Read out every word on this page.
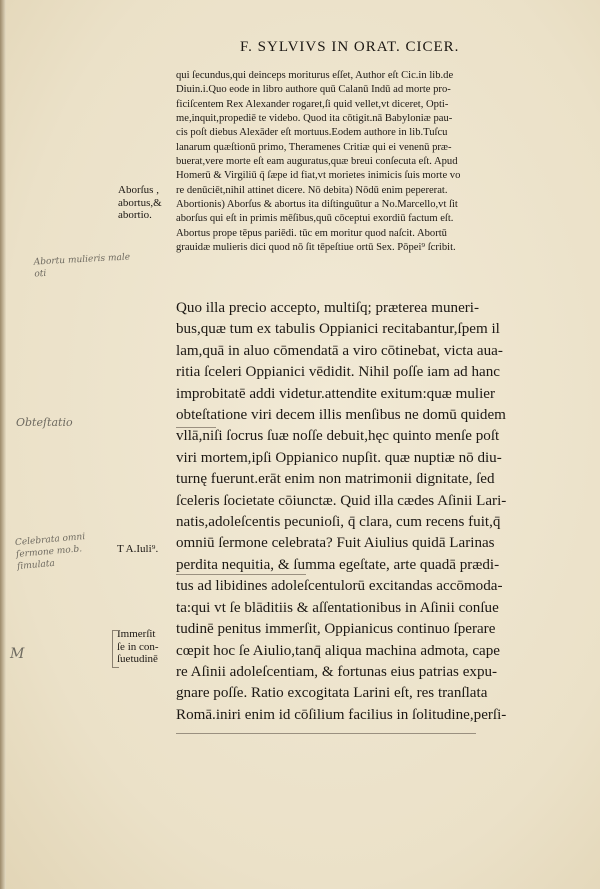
F. SYLVIVS IN ORAT. CICER.
qui ſecundus,qui deinceps moriturus eſſet, Author eſt Cic.in lib.de
Diuin.i.Quo eode in libro authore quū Calanū Indū ad morte pro-
ficiſcentem Rex Alexander rogaret,ſi quid vellet,vt diceret, Opti-
me,inquit,propediē te videbo. Quod ita cōtigit.nā Babyloniæ pau-
cis poſt diebus Alexāder eſt mortuus.Eodem authore in lib.Tuſcu
lanarum quæſtionū primo, Theramenes Critiæ qui ei venenū præ-
buerat,vere morte eſt eam auguratus,quæ breui conſecuta eſt. Apud
Homerū & Virgiliū q̄ ſæpe id fiat,vt morietes inimicis ſuis morte vo
re denūciēt,nihil attinet dicere. Nō debita) Nōdū enim pepererat.
Abortionis) Aborſus & abortus ita diſtinguūtur a No.Marcello,vt ſit
aborſus qui eſt in primis mēſibus,quū cōceptui exordiū factum eſt.
Abortus prope tēpus pariēdi. tūc em moritur quod naſcit. Abortū
grauidæ mulieris dici quod nō ſit tēpeſtiue ortū Sex. Pōpei⁹ ſcribit.
Quo illa precio accepto, multiſq; prætereа muneri-
bus,quæ tum ex tabulis Oppianici recitabantur,ſpem il
lam,quā in aluo cōmendatā a viro cōtinebat, victa aua-
ritia ſceleri Oppianici vēdidit. Nihil poſſe iam ad hanc
improbitatē addi videtur.attendite exitum:quæ mulier
obteſtatione viri decem illis menſibus ne domū quidem
vllā,niſi ſocrus ſuæ noſſe debuit,hęc quinto menſe poſt
viri mortem,ipſi Oppianico nupſit. quæ nuptiæ nō diu-
turnę fuerunt.erāt enim non matrimonii dignitate, ſed
ſceleris ſocietate cōiunctæ. Quid illa cædes Aſinii Lari-
natis,adoleſcentis pecunioſi, q̄ clara, cum recens fuit,q̄
omniū ſermone celebrata? Fuit Aiulius quidā Larinas
perdita nequitia, & ſumma egeſtate, arte quadā prædi-
tus ad libidines adoleſcentulorū excitandas accōmoda-
ta:qui vt ſe blāditiis & aſſentationibus in Aſinii conſue
tudinē penitus immerſit, Oppianicus continuo ſperare
cœpit hoc ſe Aiulio,tanq̄ aliqua machina admota, cape
re Aſinii adoleſcentiam, & fortunas eius patrias expu-
gnare poſſe. Ratio excogitata Larini eſt, res tranſlata
Romā.iniri enim id cōſilium facilius in ſolitudine,perſi-
Aborſus ,
abortus,&
abortio.
T A.Iuli⁹.
Immerſit
ſe in con-
ſuetudinē
Abortu mulieris male
oti
Obteſtatio
Celebrata omni
ſermone mo.b.
ſimulata
M
